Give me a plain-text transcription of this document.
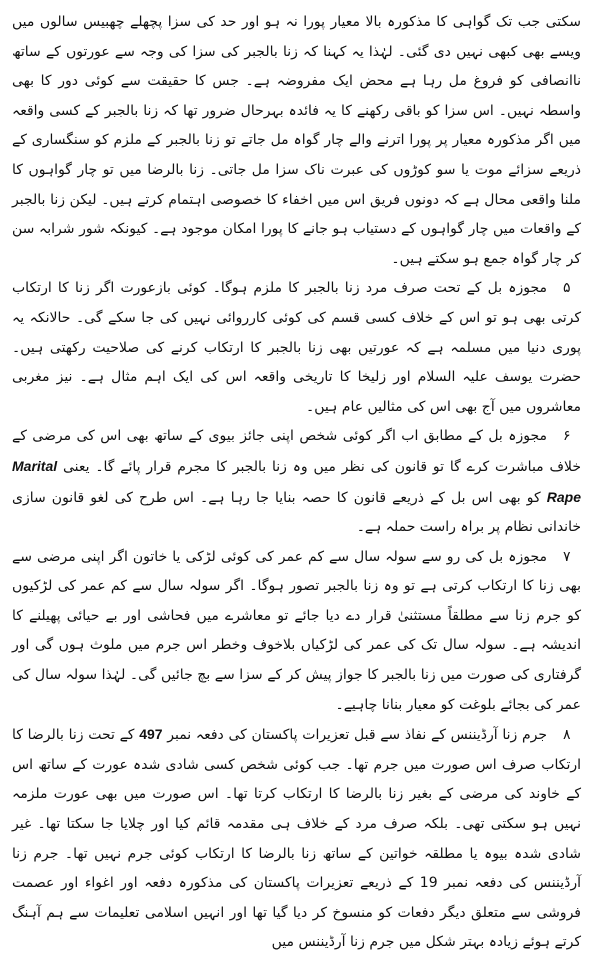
سکتی جب تک گواہی کا مذکورہ بالا معیار پورا نہ ہو اور حد کی سزا پچھلے چھبیس سالوں میں ویسے بھی کبھی نہیں دی گئی۔ لہٰذا یہ کہنا کہ زنا بالجبر کی سزا کی وجہ سے عورتوں کے ساتھ ناانصافی کو فروغ مل رہا ہے محض ایک مفروضہ ہے۔ جس کا حقیقت سے کوئی دور کا بھی واسطہ نہیں۔ اس سزا کو باقی رکھنے کا یہ فائدہ بہرحال ضرور تھا کہ زنا بالجبر کے کسی واقعہ میں اگر مذکورہ معیار پر پورا اترنے والے چار گواہ مل جاتے تو زنا بالجبر کے ملزم کو سنگساری کے ذریعے سزائے موت یا سو کوڑوں کی عبرت ناک سزا مل جاتی۔ زنا بالرضا میں تو چار گواہوں کا ملنا واقعی محال ہے کہ دونوں فریق اس میں اخفاء کا خصوصی اہتمام کرتے ہیں۔ لیکن زنا بالجبر کے واقعات میں چار گواہوں کے دستیاب ہو جانے کا پورا امکان موجود ہے۔ کیونکہ شور شرابہ سن کر چار گواہ جمع ہو سکتے ہیں۔

۵مجوزہ بل کے تحت صرف مرد زنا بالجبر کا ملزم ہوگا۔ کوئی بازعورت اگر زنا کا ارتکاب کرتی بھی ہو تو اس کے خلاف کسی قسم کی کوئی کارروائی نہیں کی جا سکے گی۔ حالانکہ یہ پوری دنیا میں مسلمہ ہے کہ عورتیں بھی زنا بالجبر کا ارتکاب کرنے کی صلاحیت رکھتی ہیں۔ حضرت یوسف علیہ السلام اور زلیخا کا تاریخی واقعہ اس کی ایک اہم مثال ہے۔ نیز مغربی معاشروں میں آج بھی اس کی مثالیں عام ہیں۔

۶مجوزہ بل کے مطابق اب اگر کوئی شخص اپنی جائز بیوی کے ساتھ بھی اس کی مرضی کے خلاف مباشرت کرے گا تو قانون کی نظر میں وہ زنا بالجبر کا مجرم قرار پائے گا۔ یعنی Marital Rape کو بھی اس بل کے ذریعے قانون کا حصہ بنایا جا رہا ہے۔ اس طرح کی لغو قانون سازی خاندانی نظام پر براہ راست حملہ ہے۔

۷مجوزہ بل کی رو سے سولہ سال سے کم عمر کی کوئی لڑکی یا خاتون اگر اپنی مرضی سے بھی زنا کا ارتکاب کرتی ہے تو وہ زنا بالجبر تصور ہوگا۔ اگر سولہ سال سے کم عمر کی لڑکیوں کو جرم زنا سے مطلقاً مستثنیٰ قرار دے دیا جائے تو معاشرے میں فحاشی اور بے حیائی پھیلنے کا اندیشہ ہے۔ سولہ سال تک کی عمر کی لڑکیاں بلاخوف وخطر اس جرم میں ملوث ہوں گی اور گرفتاری کی صورت میں زنا بالجبر کا جواز پیش کر کے سزا سے بچ جائیں گی۔ لہٰذا سولہ سال کی عمر کی بجائے بلوغت کو معیار بنانا چاہیے۔

۸جرم زنا آرڈیننس کے نفاذ سے قبل تعزیرات پاکستان کی دفعہ نمبر 497 کے تحت زنا بالرضا کا ارتکاب صرف اس صورت میں جرم تھا۔ جب کوئی شخص کسی شادی شدہ عورت کے ساتھ اس کے خاوند کی مرضی کے بغیر زنا بالرضا کا ارتکاب کرتا تھا۔ اس صورت میں بھی عورت ملزمہ نہیں ہو سکتی تھی۔ بلکہ صرف مرد کے خلاف ہی مقدمہ قائم کیا اور چلایا جا سکتا تھا۔ غیر شادی شدہ بیوہ یا مطلقہ خواتین کے ساتھ زنا بالرضا کا ارتکاب کوئی جرم نہیں تھا۔ جرم زنا آرڈیننس کی دفعہ نمبر 19 کے ذریعے تعزیرات پاکستان کی مذکورہ دفعہ اور اغواء اور عصمت فروشی سے متعلق دیگر دفعات کو منسوخ کر دیا گیا تھا اور انہیں اسلامی تعلیمات سے ہم آہنگ کرتے ہوئے زیادہ بہتر شکل میں جرم زنا آرڈیننس میں
